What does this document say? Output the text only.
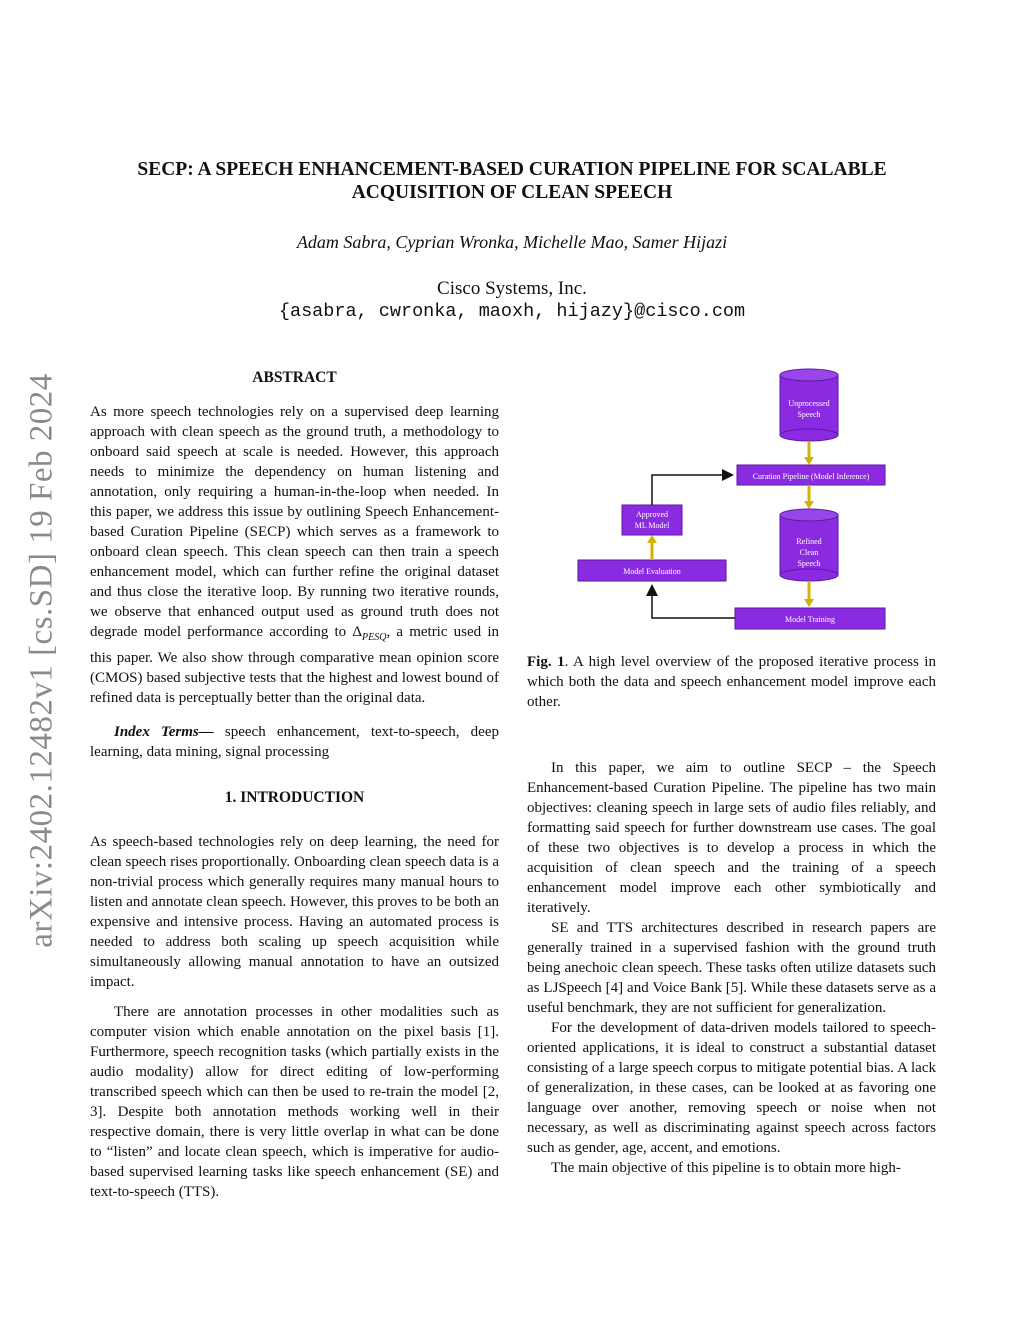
arXiv:2402.12482v1 [cs.SD] 19 Feb 2024
SECP: A SPEECH ENHANCEMENT-BASED CURATION PIPELINE FOR SCALABLE
ACQUISITION OF CLEAN SPEECH
Adam Sabra, Cyprian Wronka, Michelle Mao, Samer Hijazi
Cisco Systems, Inc.
{asabra, cwronka, maoxh, hijazy}@cisco.com
ABSTRACT

As more speech technologies rely on a supervised deep learning approach with clean speech as the ground truth, a methodology to onboard said speech at scale is needed. However, this approach needs to minimize the dependency on human listening and annotation, only requiring a human-in-the-loop when needed. In this paper, we address this issue by outlining Speech Enhancement-based Curation Pipeline (SECP) which serves as a framework to onboard clean speech. This clean speech can then train a speech enhancement model, which can further refine the original dataset and thus close the iterative loop. By running two iterative rounds, we observe that enhanced output used as ground truth does not degrade model performance according to $\Delta_{PESQ}$, a metric used in this paper. We also show through comparative mean opinion score (CMOS) based subjective tests that the highest and lowest bound of refined data is perceptually better than the original data.

Index Terms— speech enhancement, text-to-speech, deep learning, data mining, signal processing

1. INTRODUCTION

As speech-based technologies rely on deep learning, the need for clean speech rises proportionally. Onboarding clean speech data is a non-trivial process which generally requires many manual hours to listen and annotate clean speech. However, this proves to be both an expensive and intensive process. Having an automated process is needed to address both scaling up speech acquisition while simultaneously allowing manual annotation to have an outsized impact.

There are annotation processes in other modalities such as computer vision which enable annotation on the pixel basis [1]. Furthermore, speech recognition tasks (which partially exists in the audio modality) allow for direct editing of low-performing transcribed speech which can then be used to re-train the model [2, 3]. Despite both annotation methods working well in their respective domain, there is very little overlap in what can be done to “listen” and locate clean speech, which is imperative for audio-based supervised learning tasks like speech enhancement (SE) and text-to-speech (TTS).

Unprocessed
Speech
Curation Pipeline (Model Inference)
Refined
Clean
Speech
Model Training
Model Evaluation
Approved
ML Model

Fig. 1. A high level overview of the proposed iterative process in which both the data and speech enhancement model improve each other.

In this paper, we aim to outline SECP – the Speech Enhancement-based Curation Pipeline. The pipeline has two main objectives: cleaning speech in large sets of audio files reliably, and formatting said speech for further downstream use cases. The goal of these two objectives is to develop a process in which the acquisition of clean speech and the training of a speech enhancement model improve each other symbiotically and iteratively.

SE and TTS architectures described in research papers are generally trained in a supervised fashion with the ground truth being anechoic clean speech. These tasks often utilize datasets such as LJSpeech [4] and Voice Bank [5]. While these datasets serve as a useful benchmark, they are not sufficient for generalization.

For the development of data-driven models tailored to speech-oriented applications, it is ideal to construct a substantial dataset consisting of a large speech corpus to mitigate potential bias. A lack of generalization, in these cases, can be looked at as favoring one language over another, removing speech or noise when not necessary, as well as discriminating against speech across factors such as gender, age, accent, and emotions.

The main objective of this pipeline is to obtain more high-
